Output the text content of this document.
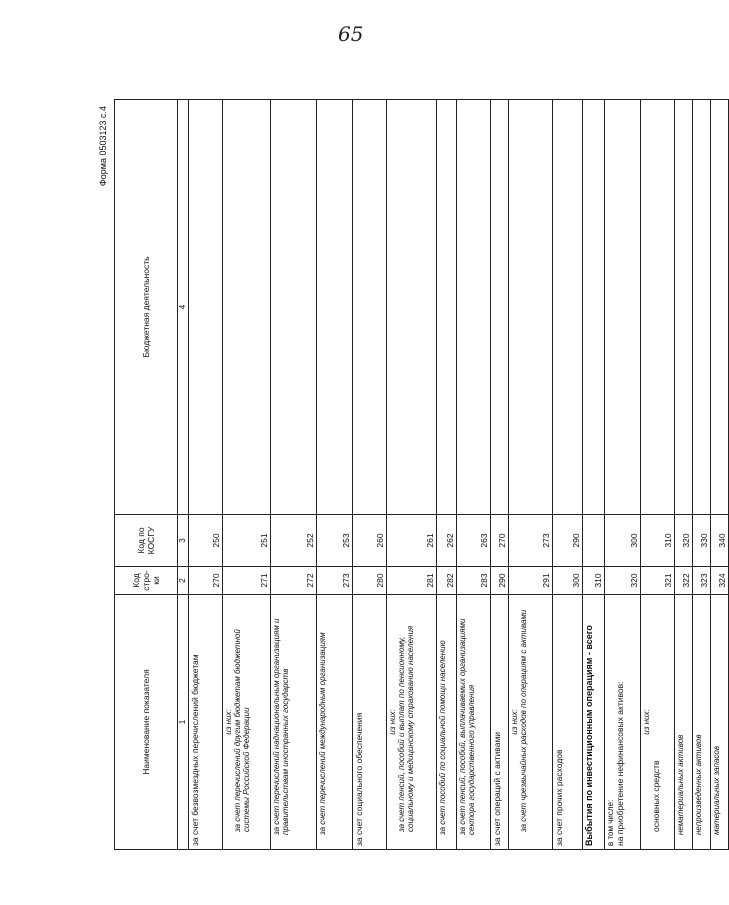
65
Форма 0503123 с.4
Наименование показателя	Код стро-ки	Код по КОСГУ	Бюджетная деятельность
1	2	3	4
за счет безвозмездных перечислений бюджетам	270	250	

из них: за счет перечислений другим бюджетам бюджетной системы Российской Федерации	271	251	
за счет перечислений наднациональным организациям и правительствам иностранных государств	272	252	
за счет перечислений международным организациям	273	253	
за счет социального обеспечения	280	260	

из них: за счет пенсий, пособий и выплат по пенсионному, социальному и медицинскому страхованию населения	281	261	
за счет пособий по социальной помощи населению	282	262	
за счет пенсий, пособий, выплачиваемых организациями сектора государственного управления	283	263	
за счет операций с активами	290	270	

из них: за счет чрезвычайных расходов по операциям с активами	291	273	
за счет прочих расходов	300	290	
Выбытия по инвестиционным операциям - всего	310		

в том числе: на приобретение нефинансовых активов:	320	300	

из них:
основных средств	321	310	
нематериальных активов	322	320	
непроизведенных активов	323	330	
материальных запасов	324	340	
